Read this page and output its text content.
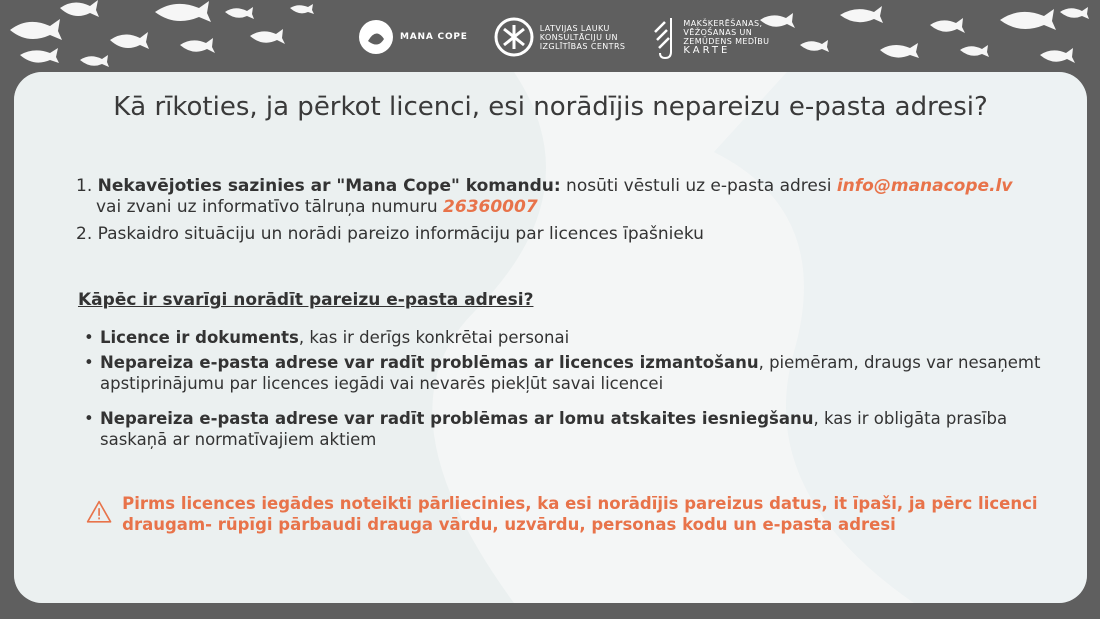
MANA COPE
LATVIJAS LAUKU
KONSULTĀCIJU UN
IZGLĪTĪBAS CENTRS
MAKŠĶERĒŠANAS,
VĒŽOŠANAS UN
ZEMŪDENS MEDĪBU
KARTE
Kā rīkoties, ja pērkot licenci, esi norādījis nepareizu e-pasta adresi?
1. Nekavējoties sazinies ar "Mana Cope" komandu: nosūti vēstuli uz e-pasta adresi info@manacope.lv
vai zvani uz informatīvo tālruņa numuru 26360007
2. Paskaidro situāciju un norādi pareizo informāciju par licences īpašnieku
Kāpēc ir svarīgi norādīt pareizu e-pasta adresi?
• Licence ir dokuments, kas ir derīgs konkrētai personai
• Nepareiza e-pasta adrese var radīt problēmas ar licences izmantošanu, piemēram, draugs var nesaņemt apstiprinājumu par licences iegādi vai nevarēs piekļūt savai licencei
• Nepareiza e-pasta adrese var radīt problēmas ar lomu atskaites iesniegšanu, kas ir obligāta prasība saskaņā ar normatīvajiem aktiem
Pirms licences iegādes noteikti pārliecinies, ka esi norādījis pareizus datus, it īpaši, ja pērc licenci draugam- rūpīgi pārbaudi drauga vārdu, uzvārdu, personas kodu un e-pasta adresi
